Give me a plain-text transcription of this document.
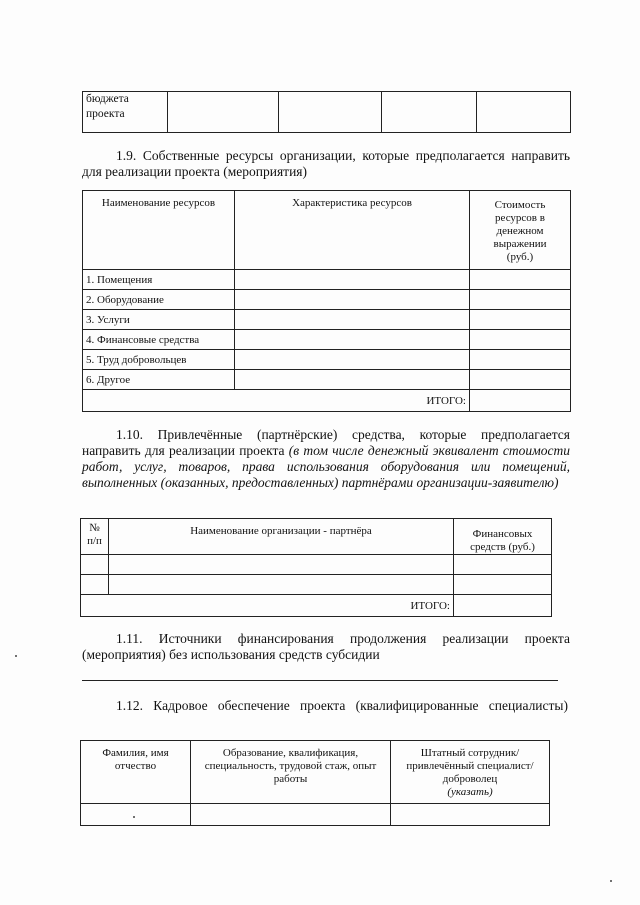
бюджета
проекта				
1.9. Собственные ресурсы организации, которые предполагается направить для реализации проекта (мероприятия)
Наименование ресурсов	Характеристика ресурсов	Стоимость ресурсов в денежном выражении (руб.)
1. Помещения		
2. Оборудование		
3. Услуги		
4. Финансовые средства		
5. Труд добровольцев		
6. Другое		
ИТОГО:		
1.10. Привлечённые (партнёрские) средства, которые предполагается направить для реализации проекта (в том числе денежный эквивалент стоимости работ, услуг, товаров, права использования оборудования или помещений, выполненных (оказанных, предоставленных) партнёрами организации-заявителю)
№ п/п	Наименование организации - партнёра	Финансовых средств (руб.)

ИТОГО:		
1.11. Источники финансирования продолжения реализации проекта (мероприятия) без использования средств субсидии
1.12. Кадровое обеспечение проекта (квалифицированные специалисты)
Фамилия, имя отчество	Образование, квалификация, специальность, трудовой стаж, опыт работы	Штатный сотрудник/ привлечённый специалист/ доброволец
(указать)
